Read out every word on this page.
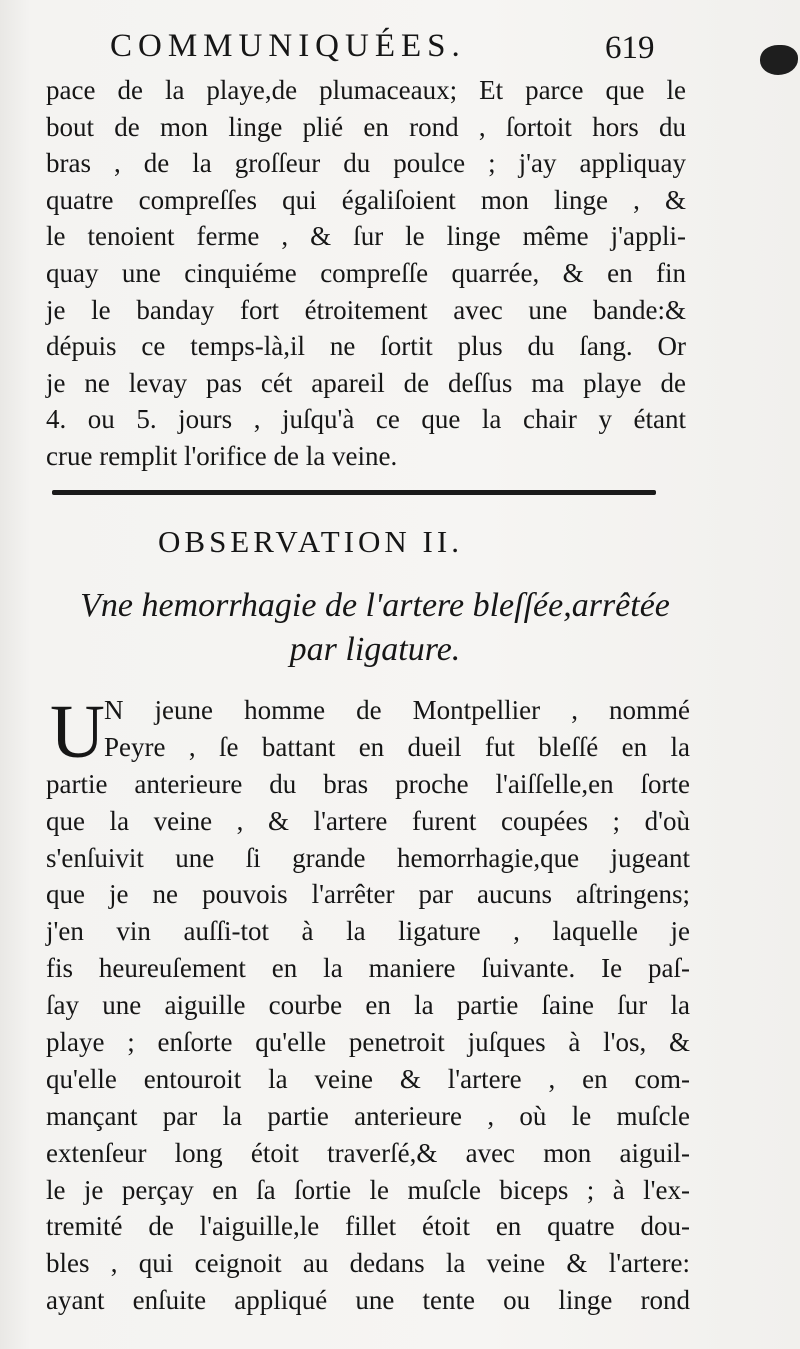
COMMUNIQUÉES.	619
pace de la playe,de plumaceaux; Et parce que le
bout de mon linge plié en rond , ſortoit hors du
bras , de la groſſeur du poulce ; j'ay appliquay
quatre compreſſes qui égaliſoient mon linge , &
le tenoient ferme , & ſur le linge même j'appli-
quay une cinquiéme compreſſe quarrée, & en fin
je le banday fort étroitement avec une bande:&
dépuis ce temps-là,il ne ſortit plus du ſang. Or
je ne levay pas cét apareil de deſſus ma playe de
4. ou 5. jours , juſqu'à ce que la chair y étant
crue remplit l'orifice de la veine.
OBSERVATION II.
Vne hemorrhagie de l'artere bleſſée,arrêtée
par ligature.
U N jeune homme de Montpellier , nommé
Peyre , ſe battant en dueil fut bleſſé en la
partie anterieure du bras proche l'aiſſelle,en ſorte
que la veine , & l'artere furent coupées ; d'où
s'enſuivit une ſi grande hemorrhagie,que jugeant
que je ne pouvois l'arrêter par aucuns aſtringens;
j'en vin auſſi-tot à la ligature , laquelle je
fis heureuſement en la maniere ſuivante. Ie paſ-
ſay une aiguille courbe en la partie ſaine ſur la
playe ; enſorte qu'elle penetroit juſques à l'os, &
qu'elle entouroit la veine & l'artere , en com-
mançant par la partie anterieure , où le muſcle
extenſeur long étoit traverſé,& avec mon aiguil-
le je perçay en ſa ſortie le muſcle biceps ; à l'ex-
tremité de l'aiguille,le fillet étoit en quatre dou-
bles , qui ceignoit au dedans la veine & l'artere:
ayant enſuite appliqué une tente ou linge rond
